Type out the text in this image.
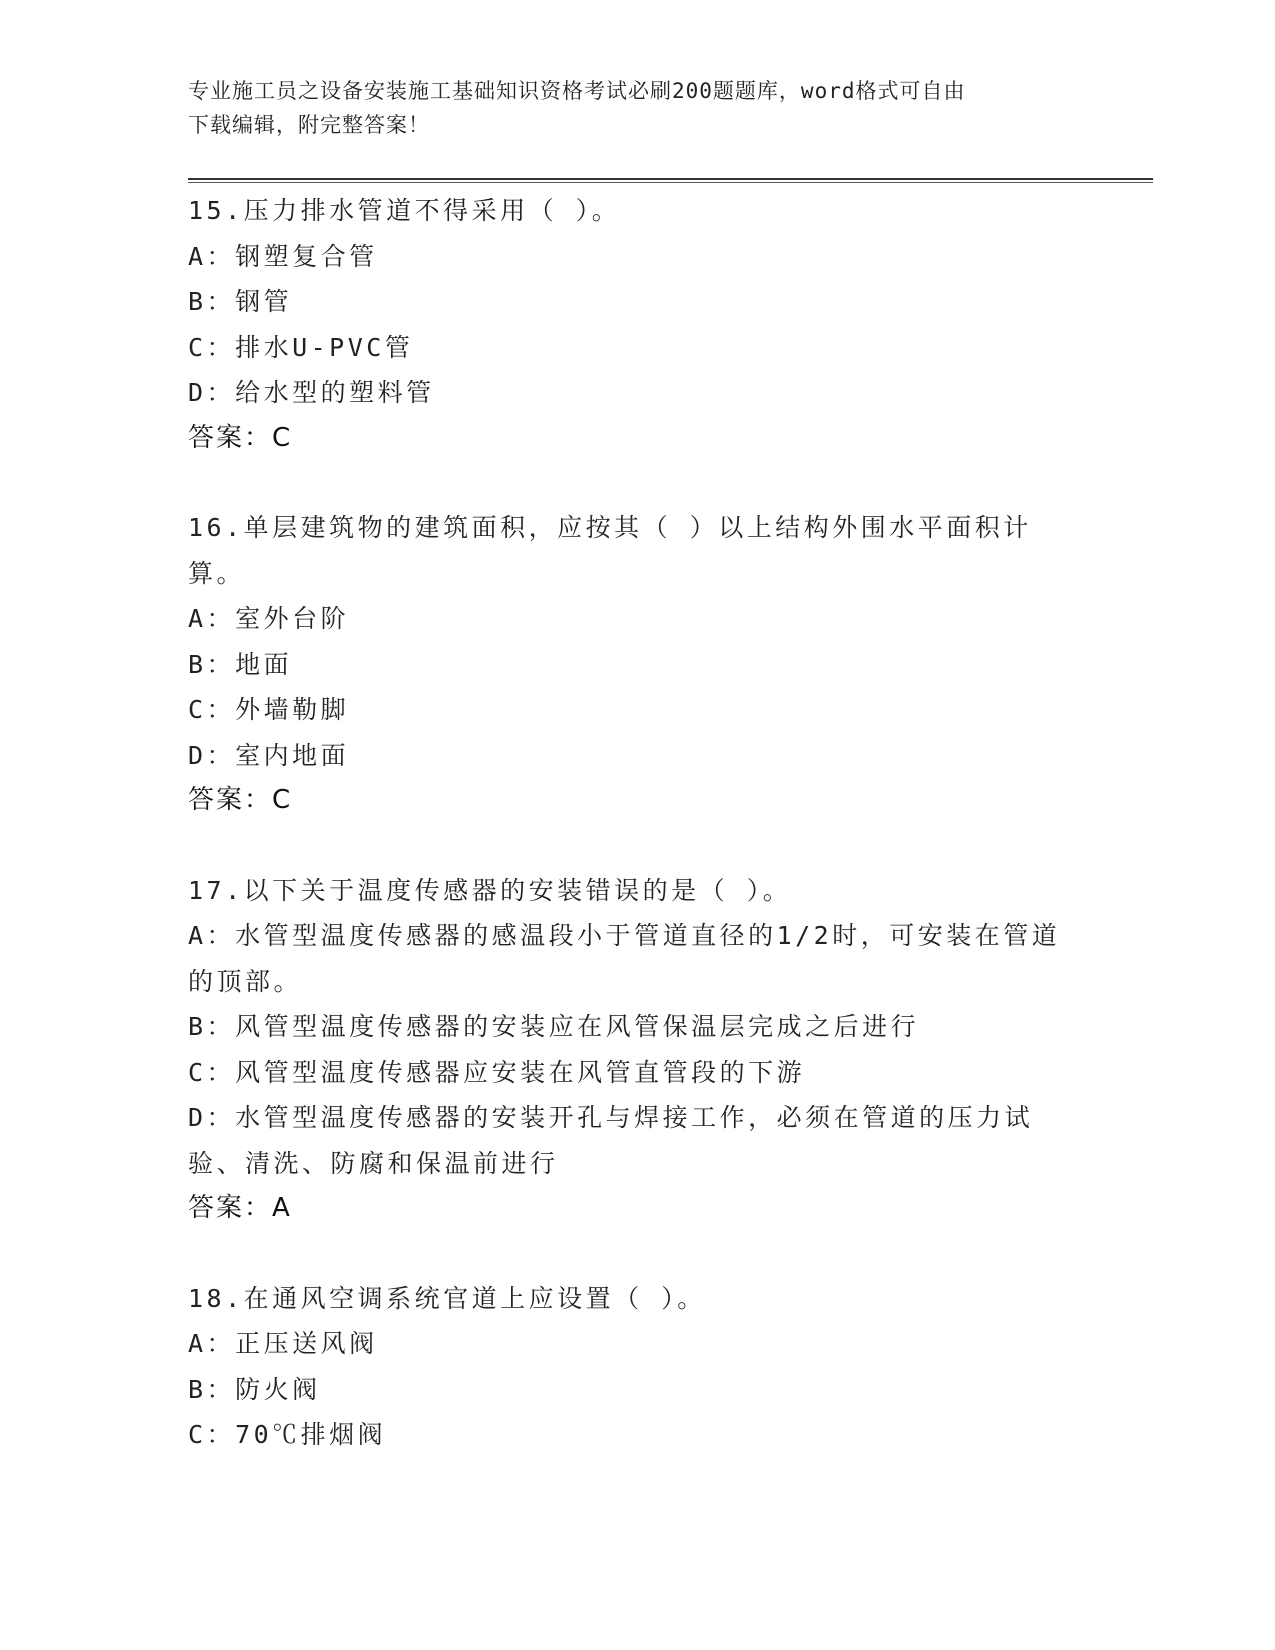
专业施工员之设备安装施工基础知识资格考试必刷200题题库，word格式可自由
下载编辑，附完整答案！
15.压力排水管道不得采用（ ）。
A：钢塑复合管
B：钢管
C：排水U-PVC管
D：给水型的塑料管
答案：C
16.单层建筑物的建筑面积，应按其（ ）以上结构外围水平面积计算。
A：室外台阶
B：地面
C：外墙勒脚
D：室内地面
答案：C
17.以下关于温度传感器的安装错误的是（ ）。
A：水管型温度传感器的感温段小于管道直径的1/2时，可安装在管道的顶部。
B：风管型温度传感器的安装应在风管保温层完成之后进行
C：风管型温度传感器应安装在风管直管段的下游
D：水管型温度传感器的安装开孔与焊接工作，必须在管道的压力试验、清洗、防腐和保温前进行
答案：A
18.在通风空调系统官道上应设置（ ）。
A：正压送风阀
B：防火阀
C：70℃排烟阀
